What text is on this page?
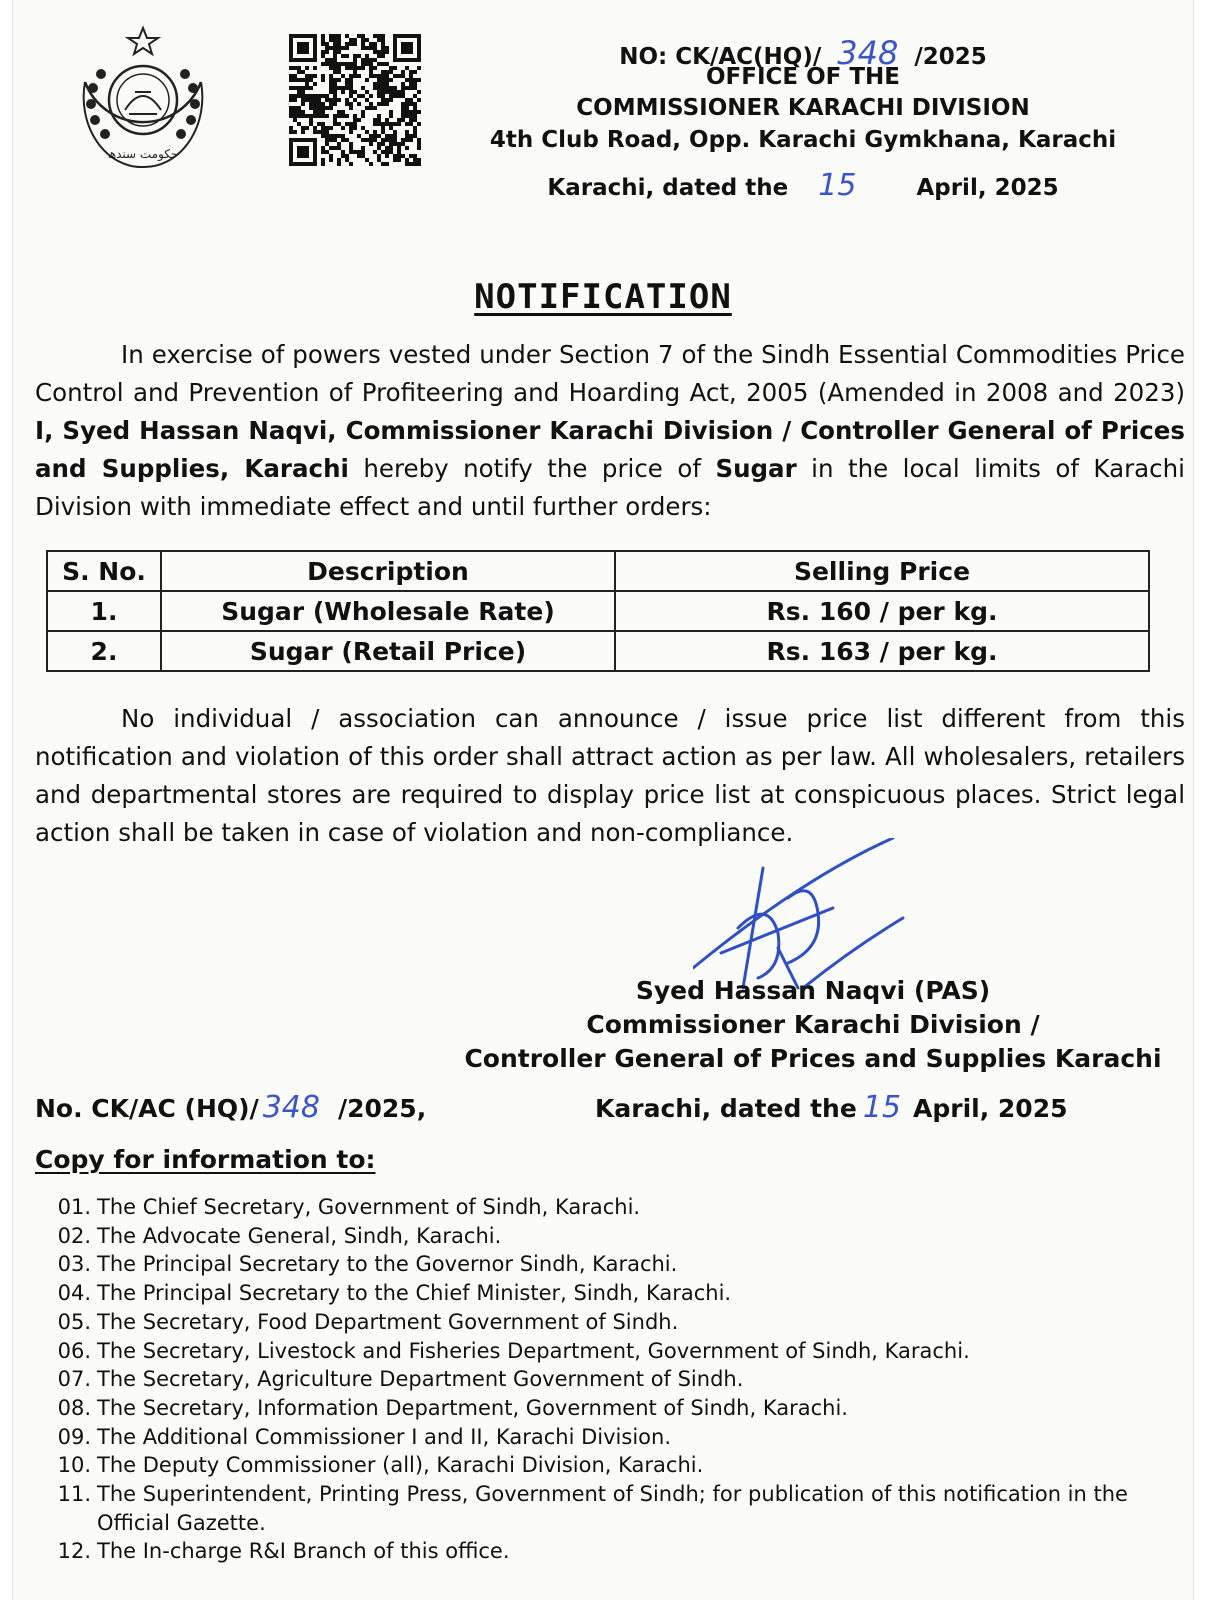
حکومت سندھ
NO: CK/AC(HQ)/ 348 /2025
OFFICE OF THE
COMMISSIONER KARACHI DIVISION
4th Club Road, Opp. Karachi Gymkhana, Karachi
Karachi, dated the 15	April, 2025
NOTIFICATION
In exercise of powers vested under Section 7 of the Sindh Essential Commodities Price Control and Prevention of Profiteering and Hoarding Act, 2005 (Amended in 2008 and 2023) I, Syed Hassan Naqvi, Commissioner Karachi Division / Controller General of Prices and Supplies, Karachi hereby notify the price of Sugar in the local limits of Karachi Division with immediate effect and until further orders:
S. No.	Description	Selling Price
1.	Sugar (Wholesale Rate)	Rs. 160 / per kg.
2.	Sugar (Retail Price)	Rs. 163 / per kg.
No individual / association can announce / issue price list different from this notification and violation of this order shall attract action as per law. All wholesalers, retailers and departmental stores are required to display price list at conspicuous places. Strict legal action shall be taken in case of violation and non-compliance.
Syed Hassan Naqvi (PAS)
Commissioner Karachi Division /
Controller General of Prices and Supplies Karachi
No. CK/AC (HQ)/ 348 /2025,	Karachi, dated the 15 April, 2025
Copy for information to:
01. The Chief Secretary, Government of Sindh, Karachi.
02. The Advocate General, Sindh, Karachi.
03. The Principal Secretary to the Governor Sindh, Karachi.
04. The Principal Secretary to the Chief Minister, Sindh, Karachi.
05. The Secretary, Food Department Government of Sindh.
06. The Secretary, Livestock and Fisheries Department, Government of Sindh, Karachi.
07. The Secretary, Agriculture Department Government of Sindh.
08. The Secretary, Information Department, Government of Sindh, Karachi.
09. The Additional Commissioner I and II, Karachi Division.
10. The Deputy Commissioner (all), Karachi Division, Karachi.
11. The Superintendent, Printing Press, Government of Sindh; for publication of this notification in the Official Gazette.
12. The In-charge R&I Branch of this office.
